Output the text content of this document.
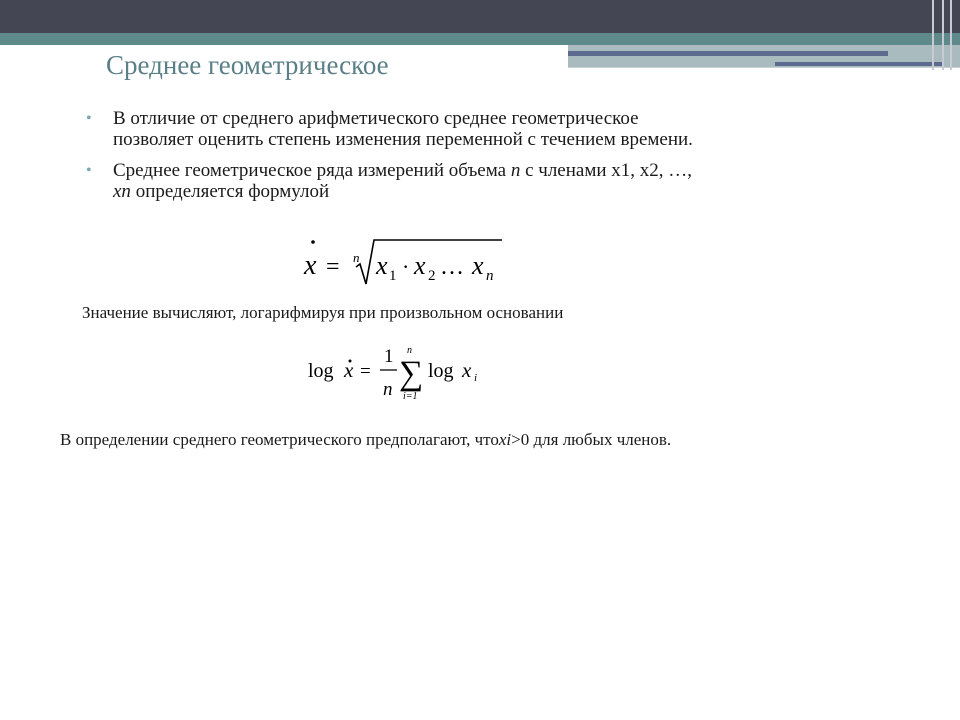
Среднее геометрическое
• В отличие от среднего арифметического среднее геометрическое
позволяет оценить степень изменения переменной с течением времени.
• Среднее геометрическое ряда измерений объема n с членами x1, x2, …,
xn определяется формулой
x = n x 1 · x 2 … x n
Значение вычисляют, логарифмируя при произвольном основании
log x =
1
n
n
∑
i=1
log x i
В определении среднего геометрического предполагают, чтоxi>0 для любых членов.
